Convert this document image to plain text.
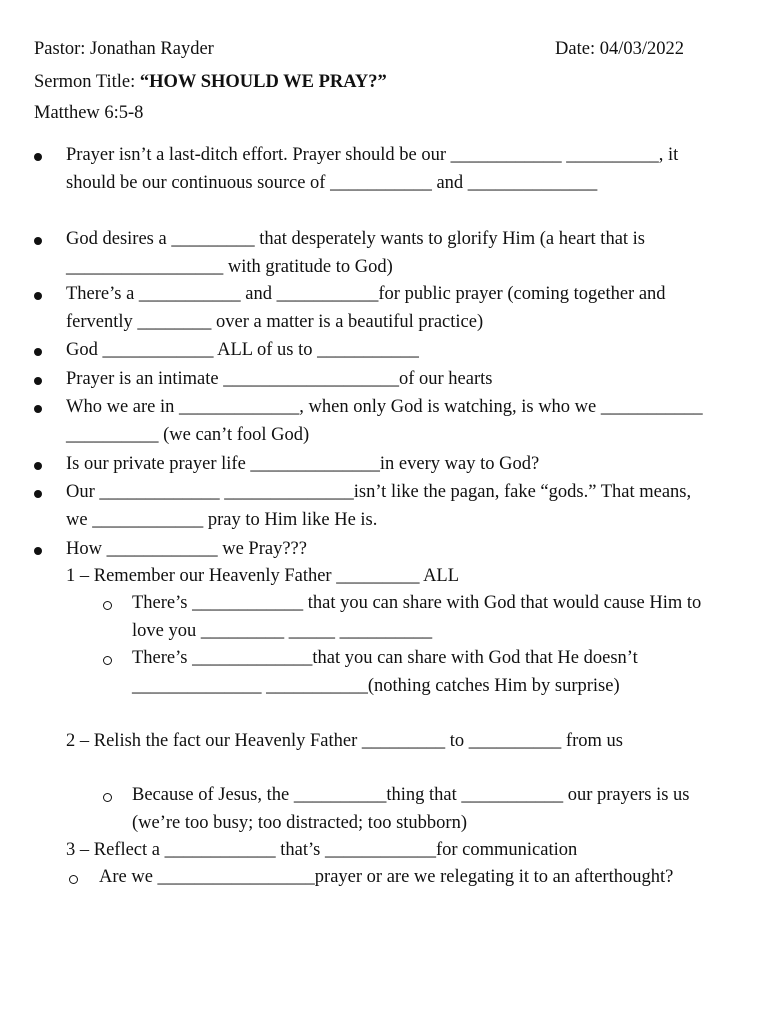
Pastor: Jonathan Rayder	Date: 04/03/2022
Sermon Title: “HOW SHOULD WE PRAY?”
Matthew 6:5-8
Prayer isn’t a last-ditch effort. Prayer should be our ____________ __________, it should be our continuous source of ___________ and ______________
God desires a _________ that desperately wants to glorify Him (a heart that is _________________ with gratitude to God)
There’s a ___________ and ___________for public prayer (coming together and fervently ________ over a matter is a beautiful practice)
God ____________ ALL of us to ___________
Prayer is an intimate ___________________of our hearts
Who we are in _____________, when only God is watching, is who we ___________ __________ (we can’t fool God)
Is our private prayer life ______________in every way to God?
Our _____________ ______________isn’t like the pagan, fake “gods.” That means, we ____________ pray to Him like He is.
How ____________ we Pray???
1 – Remember our Heavenly Father _________ ALL
There’s ____________ that you can share with God that would cause Him to love you _________ _____ __________
There’s _____________that you can share with God that He doesn’t ______________ ___________(nothing catches Him by surprise)
2 – Relish the fact our Heavenly Father _________ to __________ from us
Because of Jesus, the __________thing that ___________ our prayers is us (we’re too busy; too distracted; too stubborn)
3 – Reflect a ____________ that’s ____________for communication
Are we _________________prayer or are we relegating it to an afterthought?
